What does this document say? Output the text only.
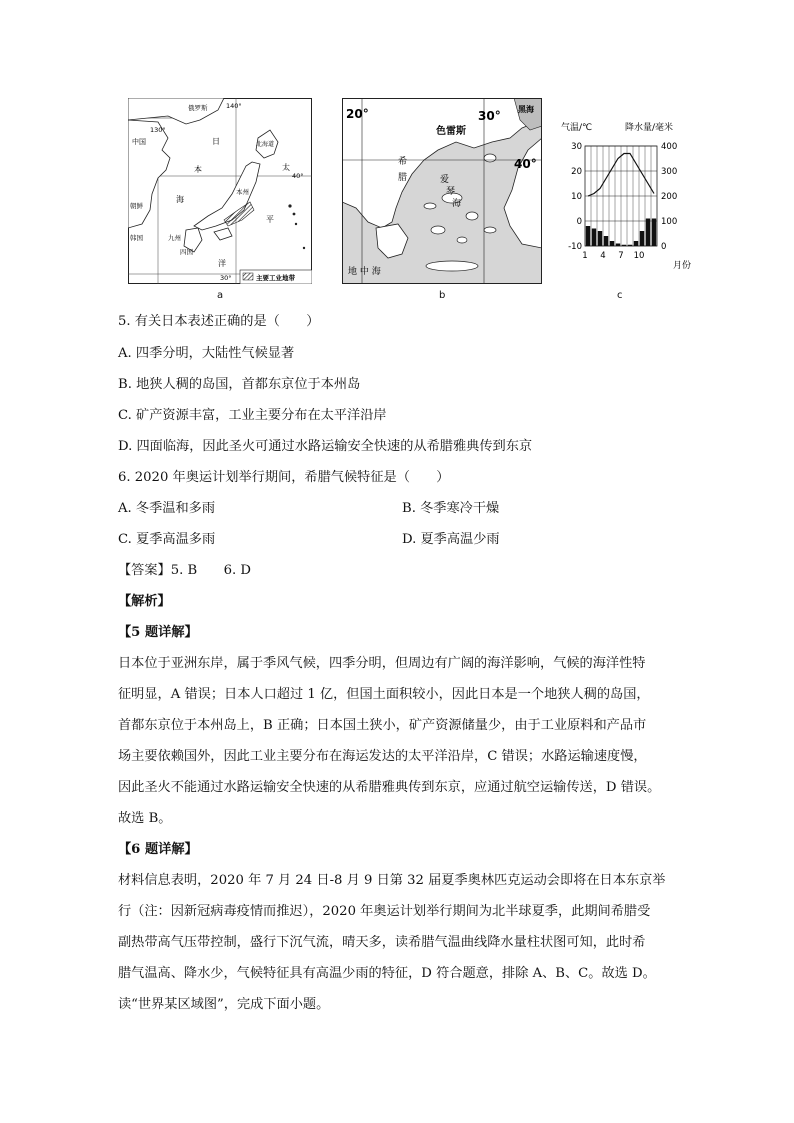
俄罗斯	140°
130°
中国	北海道
日
本
海
太
40°
平
洋
朝鲜
韩国
四国
九州
本州
30°	主要工业地带
a
20°	30°
40°
色雷斯
黑海
希
腊	爱
琴
海
地 中 海
b
气温/℃	降水量/毫米
30
20
10
0
-10
400
300
200
100
0
1 4 7 10
月份
c
5. 有关日本表述正确的是（　　）
A. 四季分明，大陆性气候显著
B. 地狭人稠的岛国，首都东京位于本州岛
C. 矿产资源丰富，工业主要分布在太平洋沿岸
D. 四面临海，因此圣火可通过水路运输安全快速的从希腊雅典传到东京
6. 2020 年奥运计划举行期间，希腊气候特征是（　　）
A. 冬季温和多雨	B. 冬季寒冷干燥
C. 夏季高温多雨	D. 夏季高温少雨
【答案】5. B　　6. D
【解析】
【5 题详解】
日本位于亚洲东岸，属于季风气候，四季分明，但周边有广阔的海洋影响，气候的海洋性特
征明显，A 错误；日本人口超过 1 亿，但国土面积较小，因此日本是一个地狭人稠的岛国，
首都东京位于本州岛上，B 正确；日本国土狭小，矿产资源储量少，由于工业原料和产品市
场主要依赖国外，因此工业主要分布在海运发达的太平洋沿岸，C 错误；水路运输速度慢，
因此圣火不能通过水路运输安全快速的从希腊雅典传到东京，应通过航空运输传送，D 错误。
故选 B。
【6 题详解】
材料信息表明，2020 年 7 月 24 日-8 月 9 日第 32 届夏季奥林匹克运动会即将在日本东京举
行（注：因新冠病毒疫情而推迟），2020 年奥运计划举行期间为北半球夏季，此期间希腊受
副热带高气压带控制，盛行下沉气流，晴天多，读希腊气温曲线降水量柱状图可知，此时希
腊气温高、降水少，气候特征具有高温少雨的特征，D 符合题意，排除 A、B、C。故选 D。
读“世界某区域图”，完成下面小题。
